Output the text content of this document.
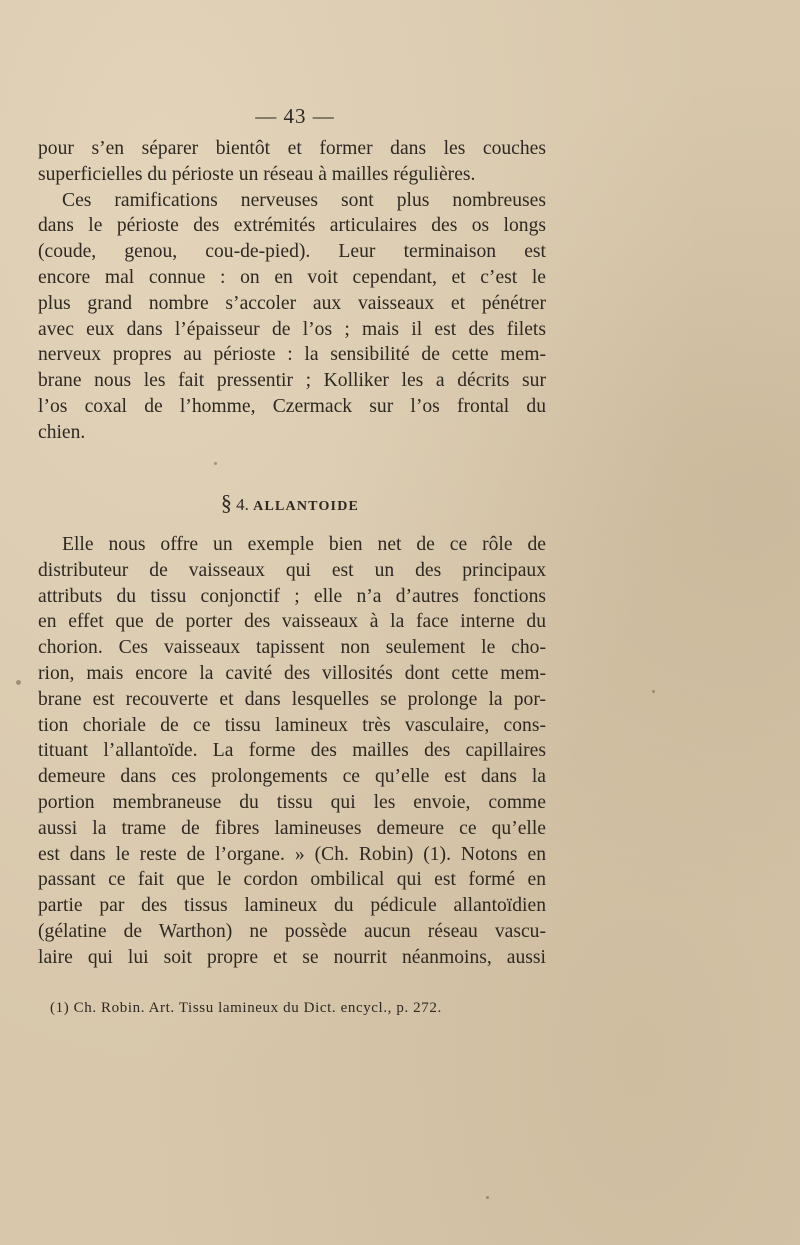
— 43 —
pour s’en séparer bientôt et former dans les couches
superficielles du périoste un réseau à mailles régulières.
Ces ramifications nerveuses sont plus nombreuses
dans le périoste des extrémités articulaires des os longs
(coude, genou, cou-de-pied). Leur terminaison est
encore mal connue : on en voit cependant, et c’est le
plus grand nombre s’accoler aux vaisseaux et pénétrer
avec eux dans l’épaisseur de l’os ; mais il est des filets
nerveux propres au périoste : la sensibilité de cette mem-
brane nous les fait pressentir ; Kolliker les a décrits sur
l’os coxal de l’homme, Czermack sur l’os frontal du
chien.
§ 4. ALLANTOIDE
Elle nous offre un exemple bien net de ce rôle de
distributeur de vaisseaux qui est un des principaux
attributs du tissu conjonctif ; elle n’a d’autres fonctions
en effet que de porter des vaisseaux à la face interne du
chorion. Ces vaisseaux tapissent non seulement le cho-
rion, mais encore la cavité des villosités dont cette mem-
brane est recouverte et dans lesquelles se prolonge la por-
tion choriale de ce tissu lamineux très vasculaire, cons-
tituant l’allantoïde. La forme des mailles des capillaires
demeure dans ces prolongements ce qu’elle est dans la
portion membraneuse du tissu qui les envoie, comme
aussi la trame de fibres lamineuses demeure ce qu’elle
est dans le reste de l’organe. » (Ch. Robin) (1). Notons en
passant ce fait que le cordon ombilical qui est formé en
partie par des tissus lamineux du pédicule allantoïdien
(gélatine de Warthon) ne possède aucun réseau vascu-
laire qui lui soit propre et se nourrit néanmoins, aussi
(1) Ch. Robin. Art. Tissu lamineux du Dict. encycl., p. 272.
